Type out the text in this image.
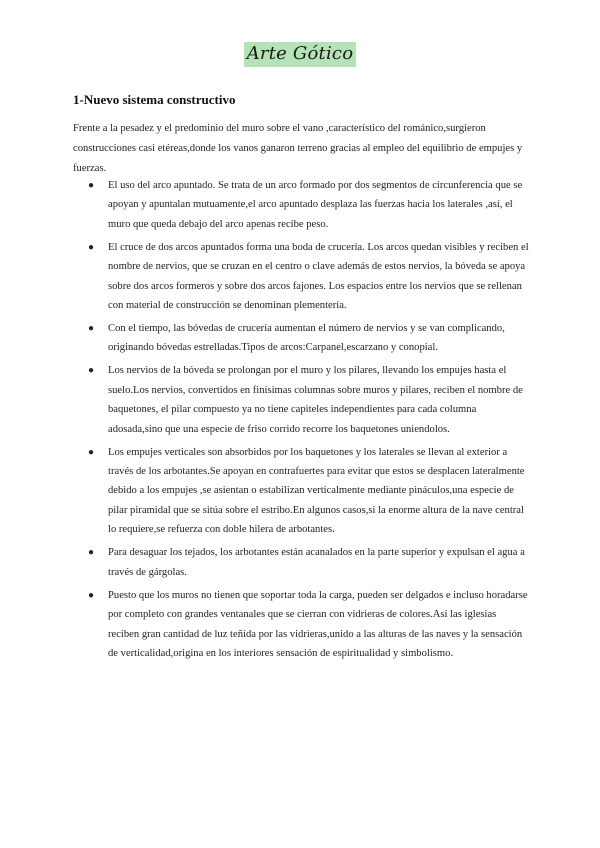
Arte Gótico
1-Nuevo sistema constructivo

Frente a la pesadez y el predominio del muro sobre el vano ,característico del románico,surgieron construcciones casi etéreas,donde los vanos ganaron terreno gracias al empleo del equilibrio de empujes y fuerzas.

● El uso del arco apuntado. Se trata de un arco formado por dos segmentos de circunferencia que se apoyan y apuntalan mutuamente,el arco apuntado desplaza las fuerzas hacia los laterales ,así, el muro que queda debajo del arco apenas recibe peso.
● El cruce de dos arcos apuntados forma una boda de crucería. Los arcos quedan visibles y reciben el nombre de nervios, que se cruzan en el centro o clave además de estos nervios, la bóveda se apoya sobre dos arcos formeros y sobre dos arcos fajones. Los espacios entre los nervios que se rellenan con material de construcción se denominan plementería.
● Con el tiempo, las bóvedas de crucería aumentan el número de nervios y se van complicando, originando bóvedas estrelladas.Tipos de arcos:Carpanel,escarzano y conopial.
● Los nervios de la bóveda se prolongan por el muro y los pilares, llevando los empujes hasta el suelo.Los nervios, convertidos en finísimas columnas sobre muros y pilares, reciben el nombre de baquetones, el pilar compuesto ya no tiene capiteles independientes para cada columna adosada,sino que una especie de friso corrido recorre los baquetones uniendolos.
● Los empujes verticales son absorbidos por los baquetones y los laterales se llevan al exterior a través de los arbotantes.Se apoyan en contrafuertes para evitar que estos se desplacen lateralmente debido a los empujes ,se asientan o estabilizan verticalmente mediante pináculos,una especie de pilar piramidal que se sitúa sobre el estribo.En algunos casos,si la enorme altura de la nave central lo requiere,se refuerza con doble hilera de arbotantes.
● Para desaguar los tejados, los arbotantes están acanalados en la parte superior y expulsan el agua a través de gárgolas.
● Puesto que los muros no tienen que soportar toda la carga, pueden ser delgados e incluso horadarse por completo con grandes ventanales que se cierran con vidrieras de colores.Así las iglesias reciben gran cantidad de luz teñida por las vidrieras,unido a las alturas de las naves y la sensación de verticalidad,origina en los interiores sensación de espiritualidad y simbolismo.
